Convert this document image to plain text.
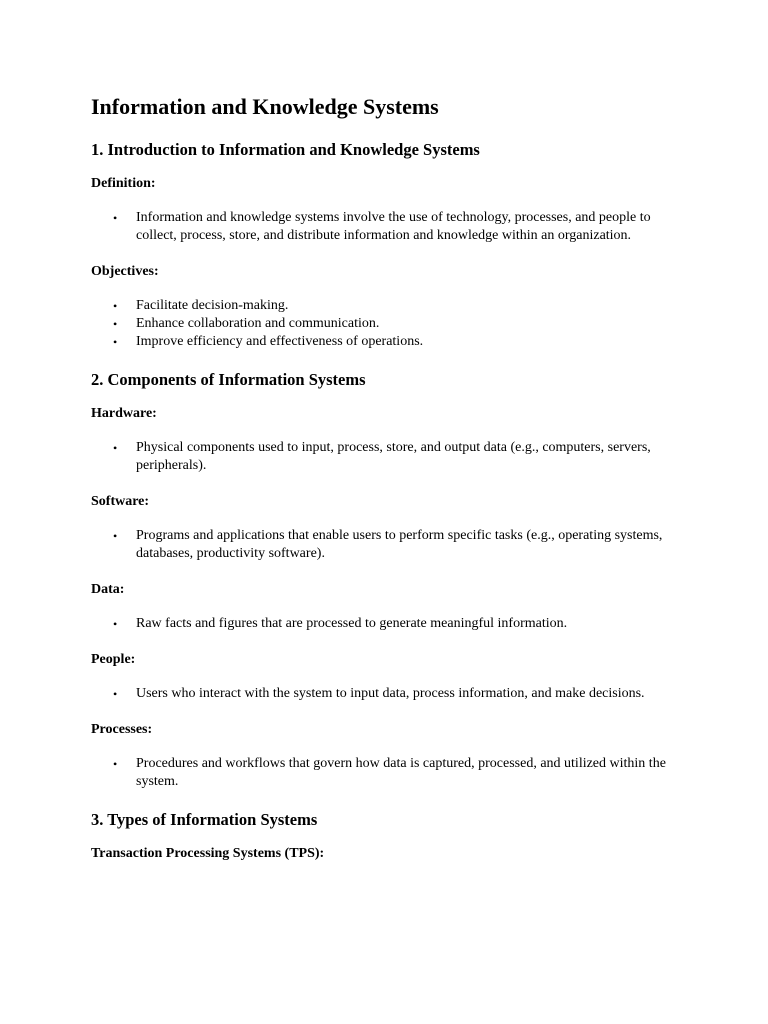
Information and Knowledge Systems
1. Introduction to Information and Knowledge Systems
Definition:
• Information and knowledge systems involve the use of technology, processes, and people to collect, process, store, and distribute information and knowledge within an organization.
Objectives:
• Facilitate decision-making.
• Enhance collaboration and communication.
• Improve efficiency and effectiveness of operations.
2. Components of Information Systems
Hardware:
• Physical components used to input, process, store, and output data (e.g., computers, servers, peripherals).
Software:
• Programs and applications that enable users to perform specific tasks (e.g., operating systems, databases, productivity software).
Data:
• Raw facts and figures that are processed to generate meaningful information.
People:
• Users who interact with the system to input data, process information, and make decisions.
Processes:
• Procedures and workflows that govern how data is captured, processed, and utilized within the system.
3. Types of Information Systems
Transaction Processing Systems (TPS):
